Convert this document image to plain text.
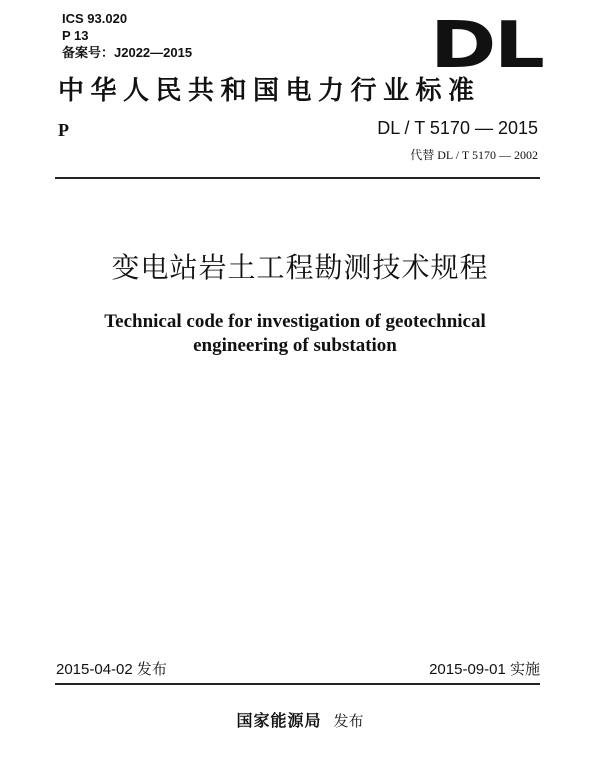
ICS 93.020
P 13
备案号：J2022—2015	DL
中华人民共和国电力行业标准
P	DL / T 5170 — 2015
代替 DL / T 5170 — 2002
变电站岩土工程勘测技术规程
Technical code for investigation of geotechnical
engineering of substation
2015-04-02 发布	2015-09-01 实施
国家能源局 发布
